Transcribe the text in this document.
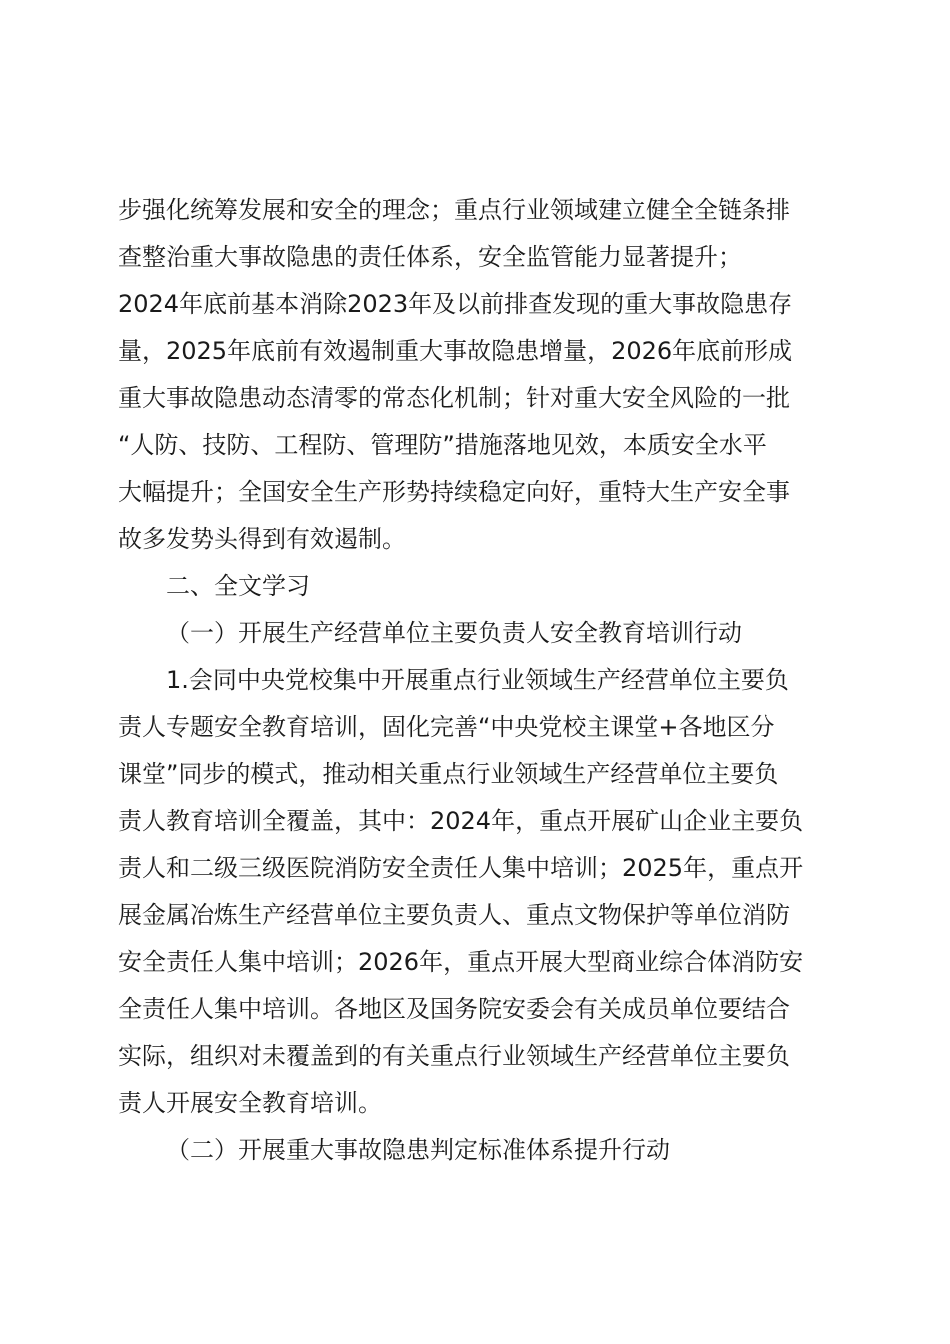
步强化统筹发展和安全的理念；重点行业领域建立健全全链条排
查整治重大事故隐患的责任体系，安全监管能力显著提升；
2024年底前基本消除2023年及以前排查发现的重大事故隐患存
量，2025年底前有效遏制重大事故隐患增量，2026年底前形成
重大事故隐患动态清零的常态化机制；针对重大安全风险的一批
“人防、技防、工程防、管理防”措施落地见效，本质安全水平
大幅提升；全国安全生产形势持续稳定向好，重特大生产安全事
故多发势头得到有效遏制。
二、全文学习
（一）开展生产经营单位主要负责人安全教育培训行动
1.会同中央党校集中开展重点行业领域生产经营单位主要负
责人专题安全教育培训，固化完善“中央党校主课堂+各地区分
课堂”同步的模式，推动相关重点行业领域生产经营单位主要负
责人教育培训全覆盖，其中：2024年，重点开展矿山企业主要负
责人和二级三级医院消防安全责任人集中培训；2025年，重点开
展金属冶炼生产经营单位主要负责人、重点文物保护等单位消防
安全责任人集中培训；2026年，重点开展大型商业综合体消防安
全责任人集中培训。各地区及国务院安委会有关成员单位要结合
实际，组织对未覆盖到的有关重点行业领域生产经营单位主要负
责人开展安全教育培训。
（二）开展重大事故隐患判定标准体系提升行动
